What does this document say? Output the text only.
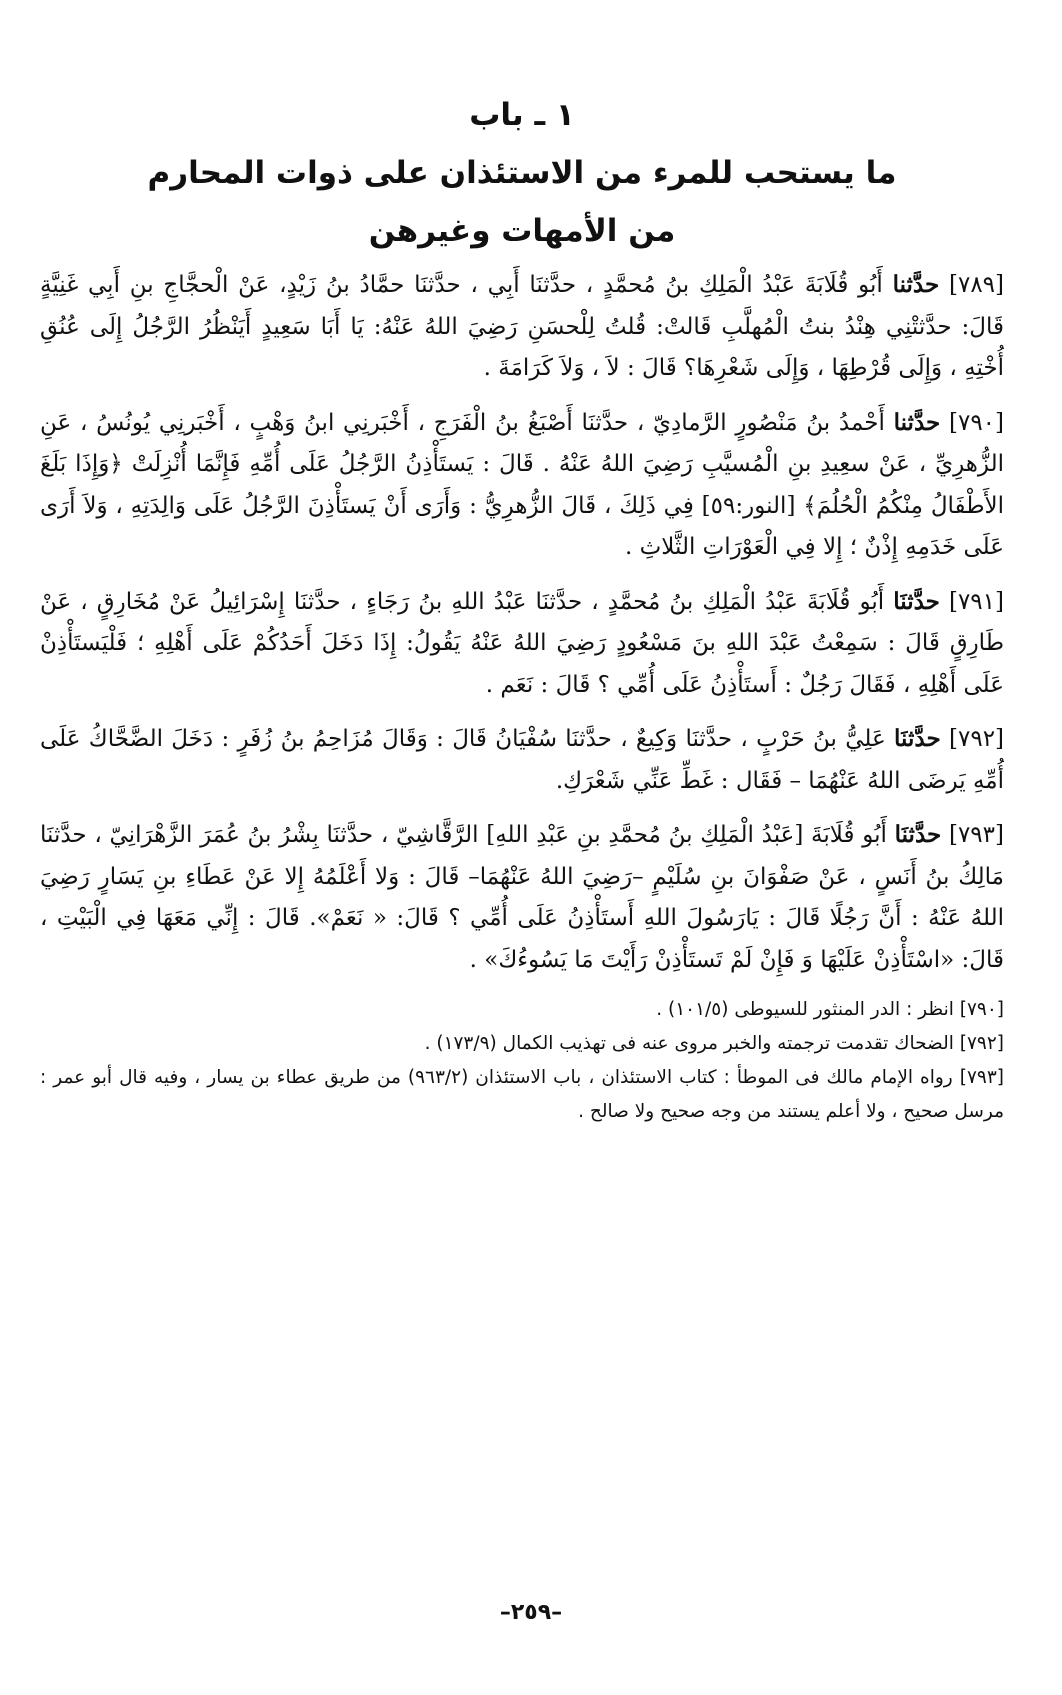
١ ـ باب
ما يستحب للمرء من الاستئذان على ذوات المحارم
من الأمهات وغيرهن

[٧٨٩] حدَّثنا أَبُو قُلَابَةَ عَبْدُ الْمَلِكِ بنُ مُحمَّدٍ ، حدَّثنَا أَبِي ، حدَّثنَا حمَّادُ بنُ زَيْدٍ، عَنْ الْحجَّاجِ بنِ أَبِي غَنِيَّةٍ قَالَ: حدَّثتْنِي هِنْدُ بنتُ الْمُهلَّبِ قَالتْ: قُلتُ لِلْحسَنِ رَضِيَ اللهُ عَنْهُ: يَا أَبَا سَعِيدٍ أَيَنْظُرُ الرَّجُلُ إِلَى عُنُقِ أُخْتِهِ ، وَإِلَى قُرْطِهَا ، وَإِلَى شَعْرِهَا؟ قَالَ : لاَ ، وَلاَ كَرَامَةَ .

[٧٩٠] حدَّثنا أَحْمدُ بنُ مَنْصُورٍ الرَّمادِيّ ، حدَّثنَا أَصْبَغُ بنُ الْفَرَجِ ، أَخْبَرنِي ابنُ وَهْبٍ ، أَخْبَرنِي يُونُسُ ، عَنِ الزُّهرِيِّ ، عَنْ سعِيدِ بنِ الْمُسيَّبِ رَضِيَ اللهُ عَنْهُ . قَالَ : يَستَأْذِنُ الرَّجُلُ عَلَى أُمِّهِ فَإِنَّمَا أُنْزِلَتْ ﴿وَإِذَا بَلَغَ الأَطْفَالُ مِنْكُمُ الْحُلُمَ﴾ [النور:٥٩] فِي ذَلِكَ ، قَالَ الزُّهرِيُّ : وَأَرَى أَنْ يَستَأْذِنَ الرَّجُلُ عَلَى وَالِدَتِهِ ، وَلاَ أَرَى عَلَى خَدَمِهِ إِذْنٌ ؛ إِلا فِي الْعَوْرَاتِ الثَّلاثِ .

[٧٩١] حدَّثنَا أَبُو قُلَابَةَ عَبْدُ الْمَلِكِ بنُ مُحمَّدٍ ، حدَّثنَا عَبْدُ اللهِ بنُ رَجَاءٍ ، حدَّثنَا إِسْرَائِيلُ عَنْ مُخَارِقٍ ، عَنْ طَارِقٍ قَالَ : سَمِعْتُ عَبْدَ اللهِ بنَ مَسْعُودٍ رَضِيَ اللهُ عَنْهُ يَقُولُ: إِذَا دَخَلَ أَحَدُكُمْ عَلَى أَهْلِهِ ؛ فَلْيَستَأْذِنْ عَلَى أَهْلِهِ ، فَقَالَ رَجُلٌ : أَستَأْذِنُ عَلَى أُمِّي ؟ قَالَ : نَعَم .

[٧٩٢] حدَّثنَا عَلِيُّ بنُ حَرْبٍ ، حدَّثنَا وَكِيعٌ ، حدَّثنَا سُفْيَانُ قَالَ : وَقَالَ مُزَاحِمُ بنُ زُفَرٍ : دَخَلَ الضَّحَّاكُ عَلَى أُمِّهِ يَرضَى اللهُ عَنْهُمَا – فَقَال : غَطِّ عَنِّي شَعْرَكِ.

[٧٩٣] حدَّثنَا أَبُو قُلَابَةَ [عَبْدُ الْمَلِكِ بنُ مُحمَّدِ بنِ عَبْدِ اللهِ] الرَّقَّاشِيّ ، حدَّثنَا بِشْرُ بنُ عُمَرَ الزَّهْرَانِيّ ، حدَّثنَا مَالِكُ بنُ أَنَسٍ ، عَنْ صَفْوَانَ بنِ سُلَيْمٍ –رَضِيَ اللهُ عَنْهُمَا– قَالَ : وَلا أَعْلَمُهُ إِلا عَنْ عَطَاءِ بنِ يَسَارٍ رَضِيَ اللهُ عَنْهُ : أَنَّ رَجُلًا قَالَ : يَارَسُولَ اللهِ أَستَأْذِنُ عَلَى أُمِّي ؟ قَالَ: « نَعَمْ». قَالَ : إِنِّي مَعَهَا فِي الْبَيْتِ ، قَالَ: «اسْتَأْذِنْ عَلَيْهَا وَ فَإِنْ لَمْ تَستَأْذِنْ رَأَيْتَ مَا يَسُوءُكَ» .

[٧٩٠] انظر : الدر المنثور للسيوطى (١٠١/٥) .

[٧٩٢] الضحاك تقدمت ترجمته والخبر مروى عنه فى تهذيب الكمال (١٧٣/٩) .

[٧٩٣] رواه الإمام مالك فى الموطأ : كتاب الاستئذان ، باب الاستئذان (٩٦٣/٢) من طريق عطاء بن يسار ، وفيه قال أبو عمر : مرسل صحيح ، ولا أعلم يستند من وجه صحيح ولا صالح .

–٢٥٩–
